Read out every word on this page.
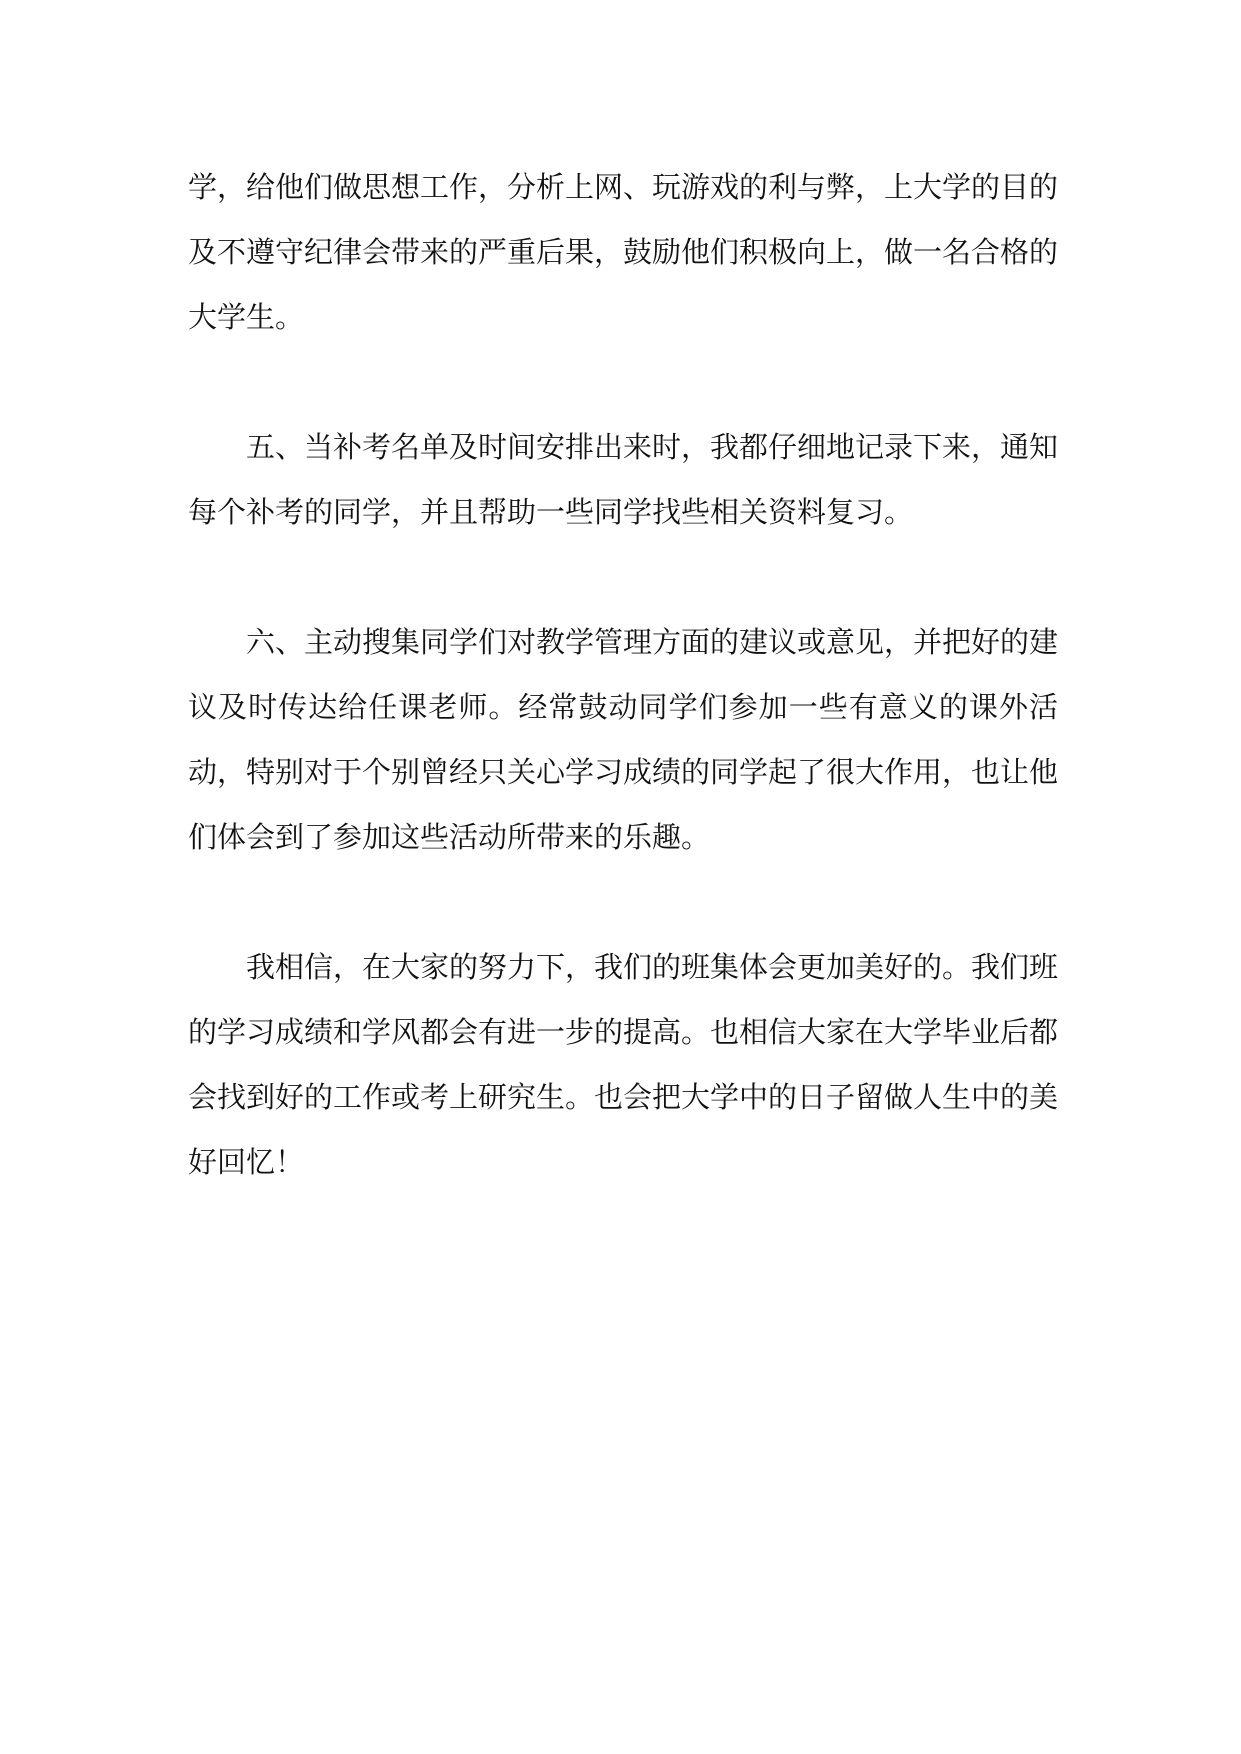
学，给他们做思想工作，分析上网、玩游戏的利与弊，上大学的目的及不遵守纪律会带来的严重后果，鼓励他们积极向上，做一名合格的大学生。

五、当补考名单及时间安排出来时，我都仔细地记录下来，通知每个补考的同学，并且帮助一些同学找些相关资料复习。

六、主动搜集同学们对教学管理方面的建议或意见，并把好的建议及时传达给任课老师。经常鼓动同学们参加一些有意义的课外活动，特别对于个别曾经只关心学习成绩的同学起了很大作用，也让他们体会到了参加这些活动所带来的乐趣。

我相信，在大家的努力下，我们的班集体会更加美好的。我们班的学习成绩和学风都会有进一步的提高。也相信大家在大学毕业后都会找到好的工作或考上研究生。也会把大学中的日子留做人生中的美好回忆！
